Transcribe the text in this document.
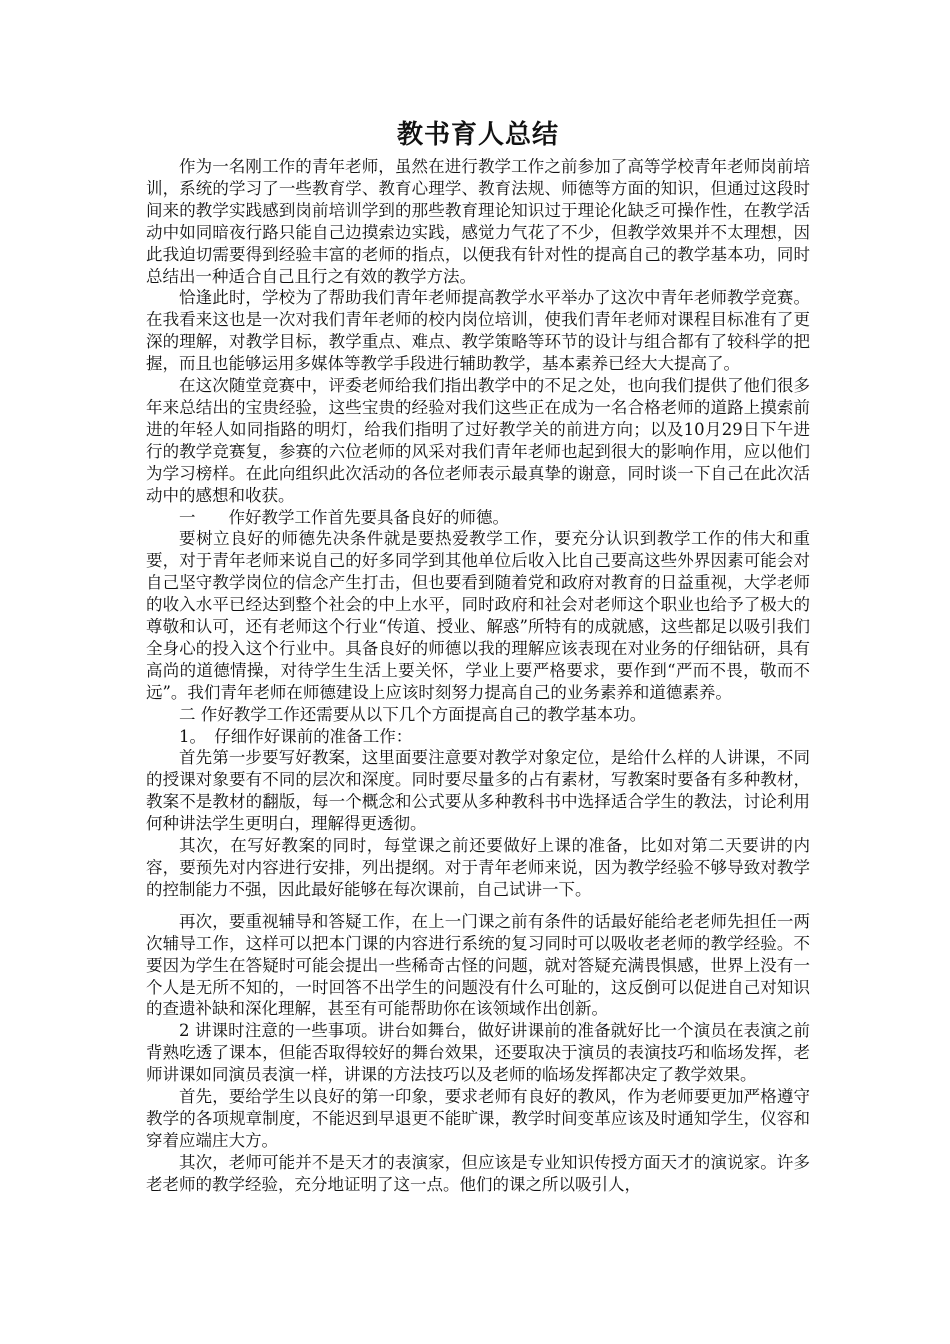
教书育人总结

作为一名刚工作的青年老师，虽然在进行教学工作之前参加了高等学校青年老师岗前培训，系统的学习了一些教育学、教育心理学、教育法规、师德等方面的知识，但通过这段时间来的教学实践感到岗前培训学到的那些教育理论知识过于理论化缺乏可操作性，在教学活动中如同暗夜行路只能自己边摸索边实践，感觉力气花了不少，但教学效果并不太理想，因此我迫切需要得到经验丰富的老师的指点，以便我有针对性的提高自己的教学基本功，同时总结出一种适合自己且行之有效的教学方法。

恰逢此时，学校为了帮助我们青年老师提高教学水平举办了这次中青年老师教学竞赛。在我看来这也是一次对我们青年老师的校内岗位培训，使我们青年老师对课程目标准有了更深的理解，对教学目标，教学重点、难点、教学策略等环节的设计与组合都有了较科学的把握，而且也能够运用多媒体等教学手段进行辅助教学，基本素养已经大大提高了。

在这次随堂竞赛中，评委老师给我们指出教学中的不足之处，也向我们提供了他们很多年来总结出的宝贵经验，这些宝贵的经验对我们这些正在成为一名合格老师的道路上摸索前进的年轻人如同指路的明灯，给我们指明了过好教学关的前进方向；以及10月29日下午进行的教学竞赛复，参赛的六位老师的风采对我们青年老师也起到很大的影响作用，应以他们为学习榜样。在此向组织此次活动的各位老师表示最真挚的谢意，同时谈一下自己在此次活动中的感想和收获。

一　　作好教学工作首先要具备良好的师德。

要树立良好的师德先决条件就是要热爱教学工作，要充分认识到教学工作的伟大和重要，对于青年老师来说自己的好多同学到其他单位后收入比自己要高这些外界因素可能会对自己坚守教学岗位的信念产生打击，但也要看到随着党和政府对教育的日益重视，大学老师的收入水平已经达到整个社会的中上水平，同时政府和社会对老师这个职业也给予了极大的尊敬和认可，还有老师这个行业“传道、授业、解惑”所特有的成就感，这些都足以吸引我们全身心的投入这个行业中。具备良好的师德以我的理解应该表现在对业务的仔细钻研，具有高尚的道德情操，对待学生生活上要关怀，学业上要严格要求，要作到“严而不畏，敬而不远”。我们青年老师在师德建设上应该时刻努力提高自己的业务素养和道德素养。

二 作好教学工作还需要从以下几个方面提高自己的教学基本功。

1。　仔细作好课前的准备工作：

首先第一步要写好教案，这里面要注意要对教学对象定位，是给什么样的人讲课，不同的授课对象要有不同的层次和深度。同时要尽量多的占有素材，写教案时要备有多种教材，教案不是教材的翻版，每一个概念和公式要从多种教科书中选择适合学生的教法，讨论利用何种讲法学生更明白，理解得更透彻。

其次，在写好教案的同时，每堂课之前还要做好上课的准备，比如对第二天要讲的内容，要预先对内容进行安排，列出提纲。对于青年老师来说，因为教学经验不够导致对教学的控制能力不强，因此最好能够在每次课前，自己试讲一下。

再次，要重视辅导和答疑工作，在上一门课之前有条件的话最好能给老老师先担任一两次辅导工作，这样可以把本门课的内容进行系统的复习同时可以吸收老老师的教学经验。不要因为学生在答疑时可能会提出一些稀奇古怪的问题，就对答疑充满畏惧感，世界上没有一个人是无所不知的，一时回答不出学生的问题没有什么可耻的，这反倒可以促进自己对知识的查遗补缺和深化理解，甚至有可能帮助你在该领域作出创新。

2 讲课时注意的一些事项。讲台如舞台，做好讲课前的准备就好比一个演员在表演之前背熟吃透了课本，但能否取得较好的舞台效果，还要取决于演员的表演技巧和临场发挥，老师讲课如同演员表演一样，讲课的方法技巧以及老师的临场发挥都决定了教学效果。

首先，要给学生以良好的第一印象，要求老师有良好的教风，作为老师要更加严格遵守教学的各项规章制度，不能迟到早退更不能旷课，教学时间变革应该及时通知学生，仪容和穿着应端庄大方。

其次，老师可能并不是天才的表演家，但应该是专业知识传授方面天才的演说家。许多老老师的教学经验，充分地证明了这一点。他们的课之所以吸引人，
